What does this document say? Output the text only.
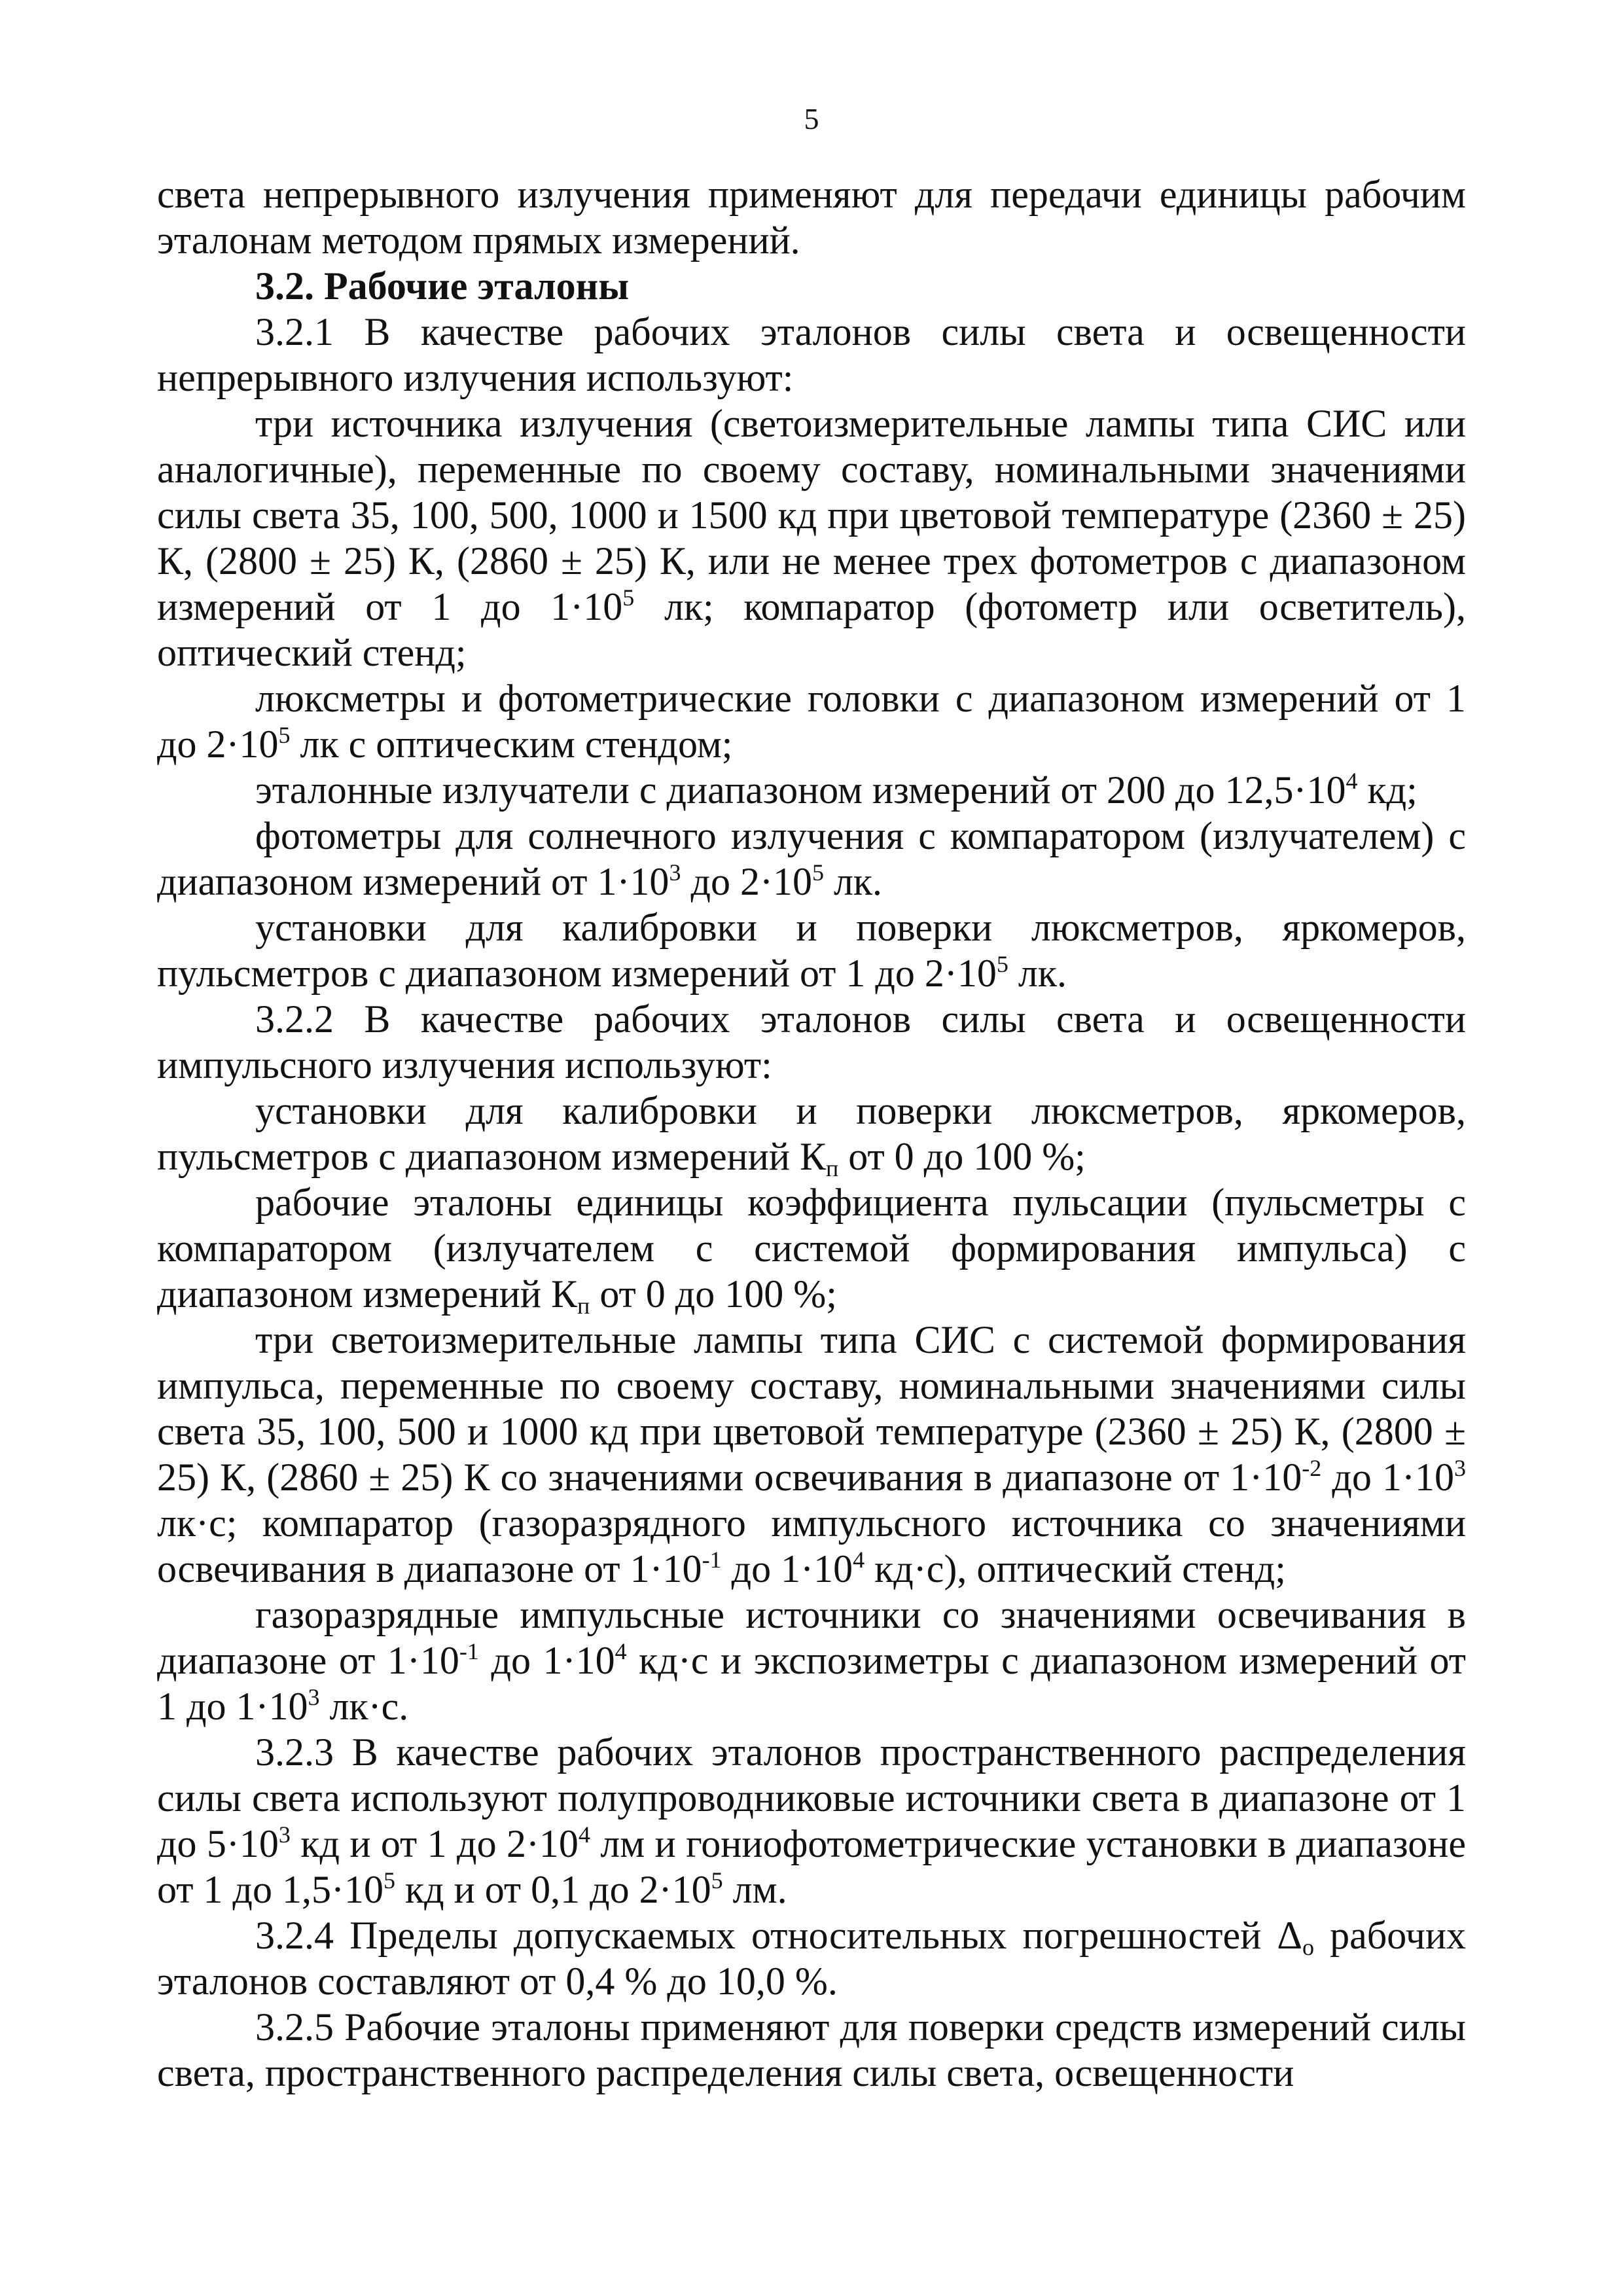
5

света непрерывного излучения применяют для передачи единицы рабочим эталонам методом прямых измерений.

3.2. Рабочие эталоны

3.2.1 В качестве рабочих эталонов силы света и освещенности непрерывного излучения используют:

три источника излучения (светоизмерительные лампы типа СИС или аналогичные), переменные по своему составу, номинальными значениями силы света 35, 100, 500, 1000 и 1500 кд при цветовой температуре (2360 ± 25) К, (2800 ± 25) К, (2860 ± 25) К, или не менее трех фотометров с диапазоном измерений от 1 до $1\cdot 10^5$ лк; компаратор (фотометр или осветитель), оптический стенд;

люксметры и фотометрические головки с диапазоном измерений от 1 до $2\cdot 10^5$ лк с оптическим стендом;

эталонные излучатели с диапазоном измерений от 200 до $12,5\cdot 10^4$ кд;

фотометры для солнечного излучения с компаратором (излучателем) с диапазоном измерений от $1\cdot 10^3$ до $2\cdot 10^5$ лк.

установки для калибровки и поверки люксметров, яркомеров, пульсметров с диапазоном измерений от 1 до $2\cdot 10^5$ лк.

3.2.2 В качестве рабочих эталонов силы света и освещенности импульсного излучения используют:

установки для калибровки и поверки люксметров, яркомеров, пульсметров с диапазоном измерений $К_п$ от 0 до 100 %;

рабочие эталоны единицы коэффициента пульсации (пульсметры с компаратором (излучателем с системой формирования импульса) с диапазоном измерений $К_п$ от 0 до 100 %;

три светоизмерительные лампы типа СИС с системой формирования импульса, переменные по своему составу, номинальными значениями силы света 35, 100, 500 и 1000 кд при цветовой температуре (2360 ± 25) К, (2800 ± 25) К, (2860 ± 25) К со значениями освечивания в диапазоне от $1\cdot 10^{-2}$ до $1\cdot 10^3$ лк·с; компаратор (газоразрядного импульсного источника со значениями освечивания в диапазоне от $1\cdot 10^{-1}$ до $1\cdot 10^4$ кд·с), оптический стенд;

газоразрядные импульсные источники со значениями освечивания в диапазоне от $1\cdot 10^{-1}$ до $1\cdot 10^4$ кд·с и экспозиметры с диапазоном измерений от 1 до $1\cdot 10^3$ лк·с.

3.2.3 В качестве рабочих эталонов пространственного распределения силы света используют полупроводниковые источники света в диапазоне от 1 до $5\cdot 10^3$ кд и от 1 до $2\cdot 10^4$ лм и гониофотометрические установки в диапазоне от 1 до $1,5\cdot 10^5$ кд и от 0,1 до $2\cdot 10^5$ лм.

3.2.4 Пределы допускаемых относительных погрешностей $\Delta_о$ рабочих эталонов составляют от 0,4 % до 10,0 %.

3.2.5 Рабочие эталоны применяют для поверки средств измерений силы света, пространственного распределения силы света, освещенности
